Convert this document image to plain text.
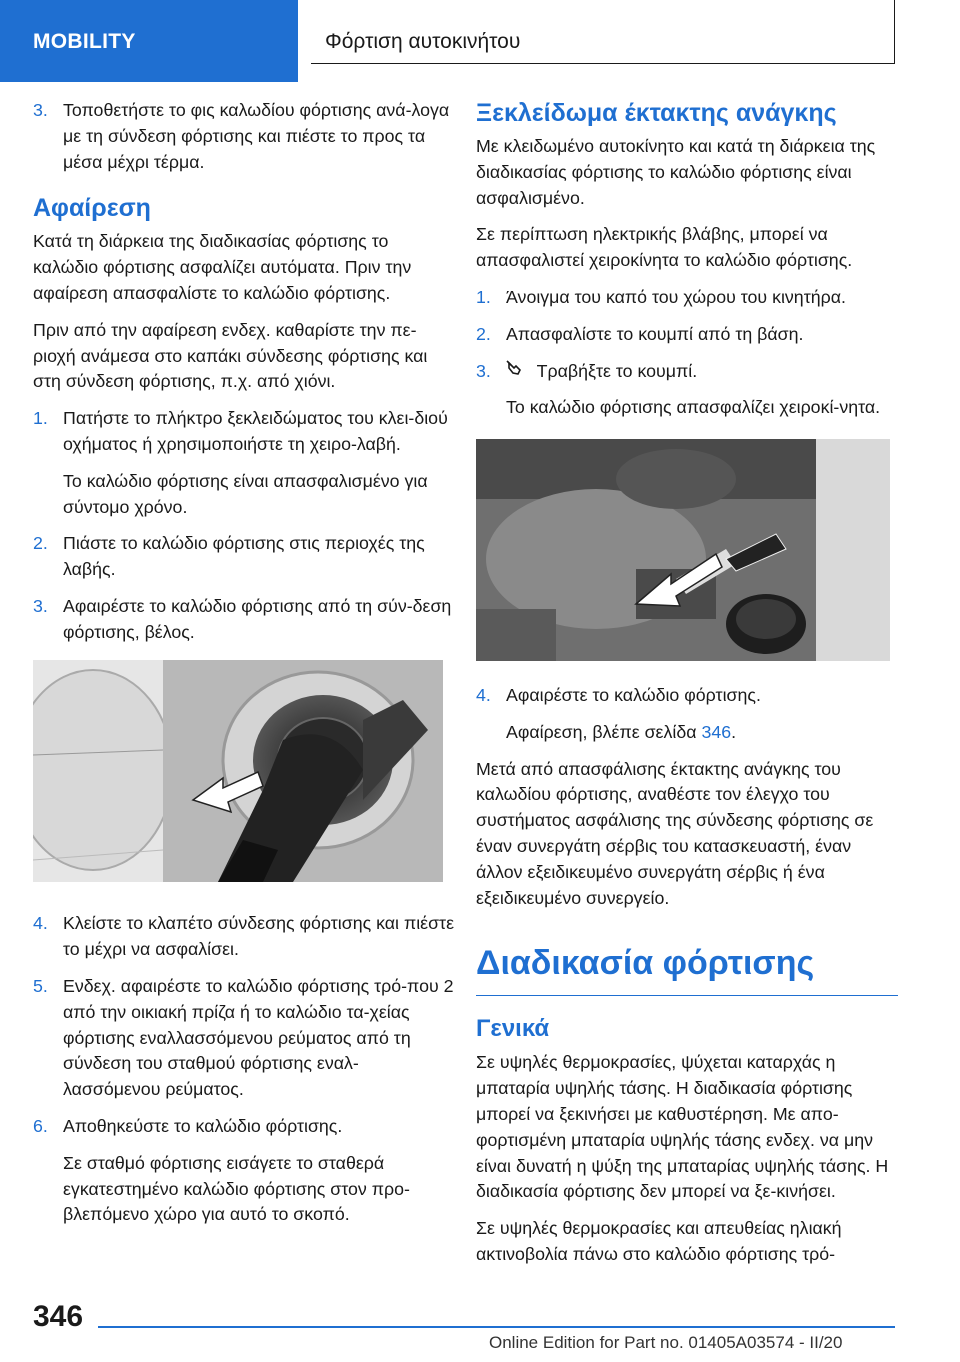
MOBILITY	Φόρτιση αυτοκινήτου
3. Τοποθετήστε το φις καλωδίου φόρτισης ανά-λογα με τη σύνδεση φόρτισης και πιέστε το προς τα μέσα μέχρι τέρμα.
Αφαίρεση

Κατά τη διάρκεια της διαδικασίας φόρτισης το καλώδιο φόρτισης ασφαλίζει αυτόματα. Πριν την αφαίρεση απασφαλίστε το καλώδιο φόρτισης.

Πριν από την αφαίρεση ενδεχ. καθαρίστε την πε-ριοχή ανάμεσα στο καπάκι σύνδεσης φόρτισης και στη σύνδεση φόρτισης, π.χ. από χιόνι.

1. Πατήστε το πλήκτρο ξεκλειδώματος του κλει-διού οχήματος ή χρησιμοποιήστε τη χειρο-λαβή.
Το καλώδιο φόρτισης είναι απασφαλισμένο για σύντομο χρόνο.
2. Πιάστε το καλώδιο φόρτισης στις περιοχές της λαβής.
3. Αφαιρέστε το καλώδιο φόρτισης από τη σύν-δεση φόρτισης, βέλος.
4. Κλείστε το κλαπέτο σύνδεσης φόρτισης και πιέστε το μέχρι να ασφαλίσει.
5. Ενδεχ. αφαιρέστε το καλώδιο φόρτισης τρό-που 2 από την οικιακή πρίζα ή το καλώδιο τα-χείας φόρτισης εναλλασσόμενου ρεύματος από τη σύνδεση του σταθμού φόρτισης εναλ-λασσόμενου ρεύματος.
6. Αποθηκεύστε το καλώδιο φόρτισης.
Σε σταθμό φόρτισης εισάγετε το σταθερά εγκατεστημένο καλώδιο φόρτισης στον προ-βλεπόμενο χώρο για αυτό το σκοπό.
Ξεκλείδωμα έκτακτης ανάγκης

Με κλειδωμένο αυτοκίνητο και κατά τη διάρκεια της διαδικασίας φόρτισης το καλώδιο φόρτισης είναι ασφαλισμένο.

Σε περίπτωση ηλεκτρικής βλάβης, μπορεί να απασφαλιστεί χειροκίνητα το καλώδιο φόρτισης.

1. Άνοιγμα του καπό του χώρου του κινητήρα.
2. Απασφαλίστε το κουμπί από τη βάση.
3.	Τραβήξτε το κουμπί.
Το καλώδιο φόρτισης απασφαλίζει χειροκί-νητα.
4. Αφαιρέστε το καλώδιο φόρτισης.
Αφαίρεση, βλέπε σελίδα 346.

Μετά από απασφάλισης έκτακτης ανάγκης του καλωδίου φόρτισης, αναθέστε τον έλεγχο του συστήματος ασφάλισης της σύνδεσης φόρτισης σε έναν συνεργάτη σέρβις του κατασκευαστή, έναν άλλον εξειδικευμένο συνεργάτη σέρβις ή ένα εξειδικευμένο συνεργείο.

Διαδικασία φόρτισης
Γενικά

Σε υψηλές θερμοκρασίες, ψύχεται καταρχάς η μπαταρία υψηλής τάσης. Η διαδικασία φόρτισης μπορεί να ξεκινήσει με καθυστέρηση. Με απο-φορτισμένη μπαταρία υψηλής τάσης ενδεχ. να μην είναι δυνατή η ψύξη της μπαταρίας υψηλής τάσης. Η διαδικασία φόρτισης δεν μπορεί να ξε-κινήσει.

Σε υψηλές θερμοκρασίες και απευθείας ηλιακή ακτινοβολία πάνω στο καλώδιο φόρτισης τρό-

346
Online Edition for Part no. 01405A03574 - II/20
